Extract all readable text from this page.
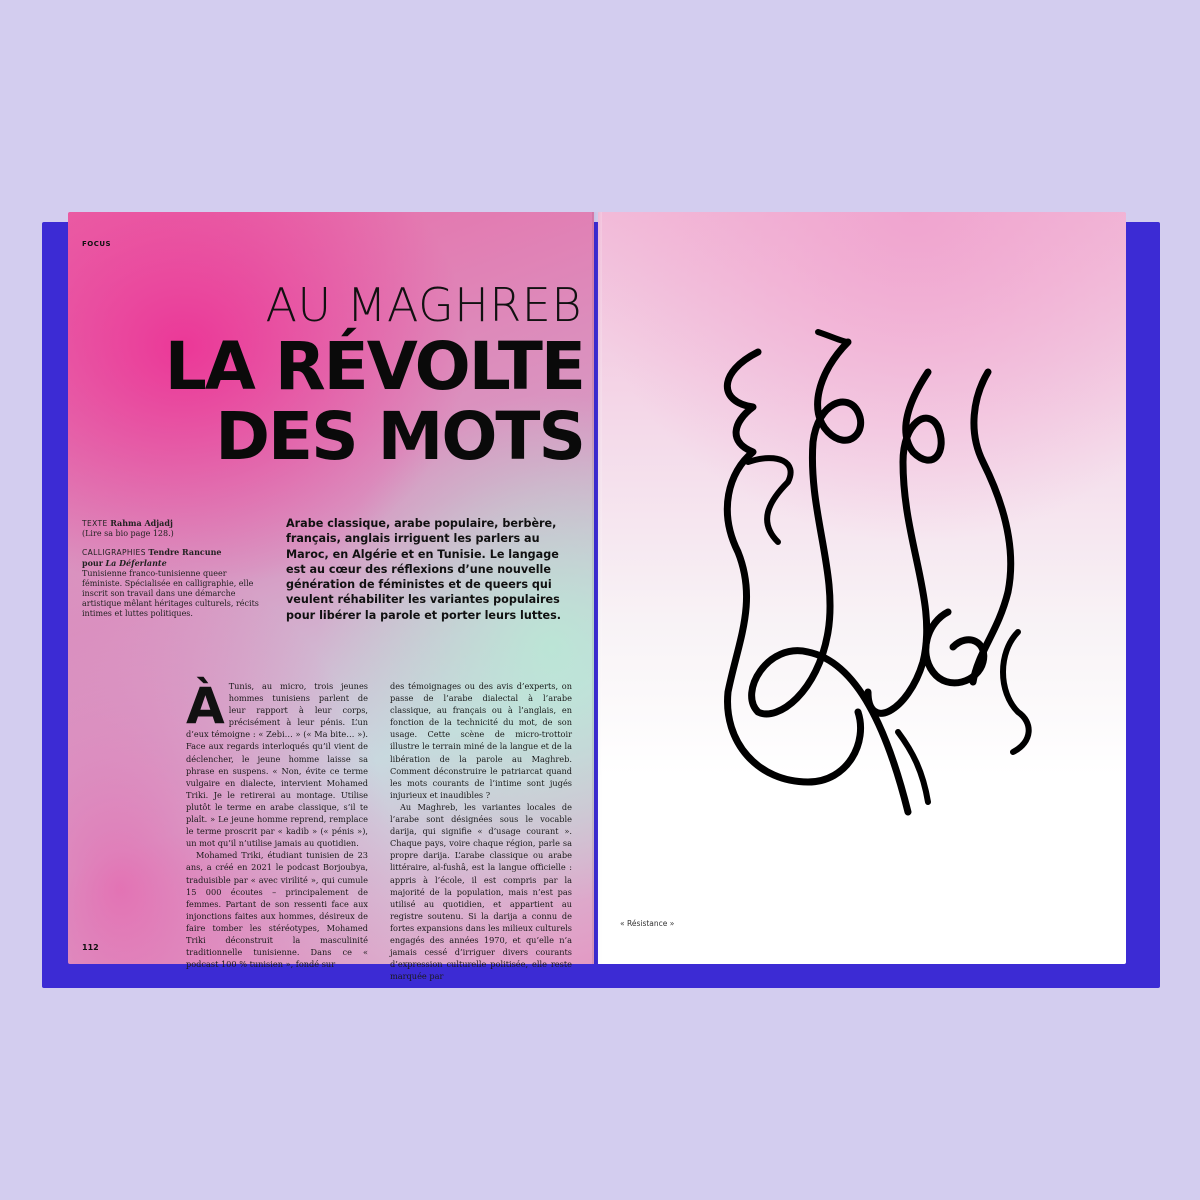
FOCUS
AU MAGHREB
LA RÉVOLTE
DES MOTS
TEXTE Rahma Adjadj
(Lire sa bio page 128.)
CALLIGRAPHIES Tendre Rancune
pour La Déferlante
Tunisienne franco-tunisienne queer féministe. Spécialisée en calligraphie, elle inscrit son travail dans une démarche artistique mêlant héritages culturels, récits intimes et luttes politiques.
Arabe classique, arabe populaire, berbère, français, anglais irriguent les parlers au Maroc, en Algérie et en Tunisie. Le langage est au cœur des réflexions d’une nouvelle génération de féministes et de queers qui veulent réhabiliter les variantes populaires pour libérer la parole et porter leurs luttes.
À Tunis, au micro, trois jeunes hommes tunisiens parlent de leur rapport à leur corps, précisément à leur pénis. L’un d’eux témoigne : « Zebi… » (« Ma bite… »). Face aux regards interloqués qu’il vient de déclencher, le jeune homme laisse sa phrase en suspens. « Non, évite ce terme vulgaire en dialecte, intervient Mohamed Triki. Je le retirerai au montage. Utilise plutôt le terme en arabe classique, s’il te plaît. » Le jeune homme reprend, remplace le terme proscrit par « kadib » (« pénis »), un mot qu’il n’utilise jamais au quotidien.

Mohamed Triki, étudiant tunisien de 23 ans, a créé en 2021 le podcast Borjoubya, traduisible par « avec virilité », qui cumule 15 000 écoutes – principalement de femmes. Partant de son ressenti face aux injonctions faites aux hommes, désireux de faire tomber les stéréotypes, Mohamed Triki déconstruit la masculinité traditionnelle tunisienne. Dans ce « podcast 100 % tunisien », fondé sur

des témoignages ou des avis d’experts, on passe de l’arabe dialectal à l’arabe classique, au français ou à l’anglais, en fonction de la technicité du mot, de son usage. Cette scène de micro-trottoir illustre le terrain miné de la langue et de la libération de la parole au Maghreb. Comment déconstruire le patriarcat quand les mots courants de l’intime sont jugés injurieux et inaudibles ?

Au Maghreb, les variantes locales de l’arabe sont désignées sous le vocable darija, qui signifie « d’usage courant ». Chaque pays, voire chaque région, parle sa propre darija. L’arabe classique ou arabe littéraire, al-fushâ, est la langue officielle : appris à l’école, il est compris par la majorité de la population, mais n’est pas utilisé au quotidien, et appartient au registre soutenu. Si la darija a connu de fortes expansions dans les milieux culturels engagés des années 1970, et qu’elle n’a jamais cessé d’irriguer divers courants d’expression culturelle politisée, elle reste marquée par

112
« Résistance »
